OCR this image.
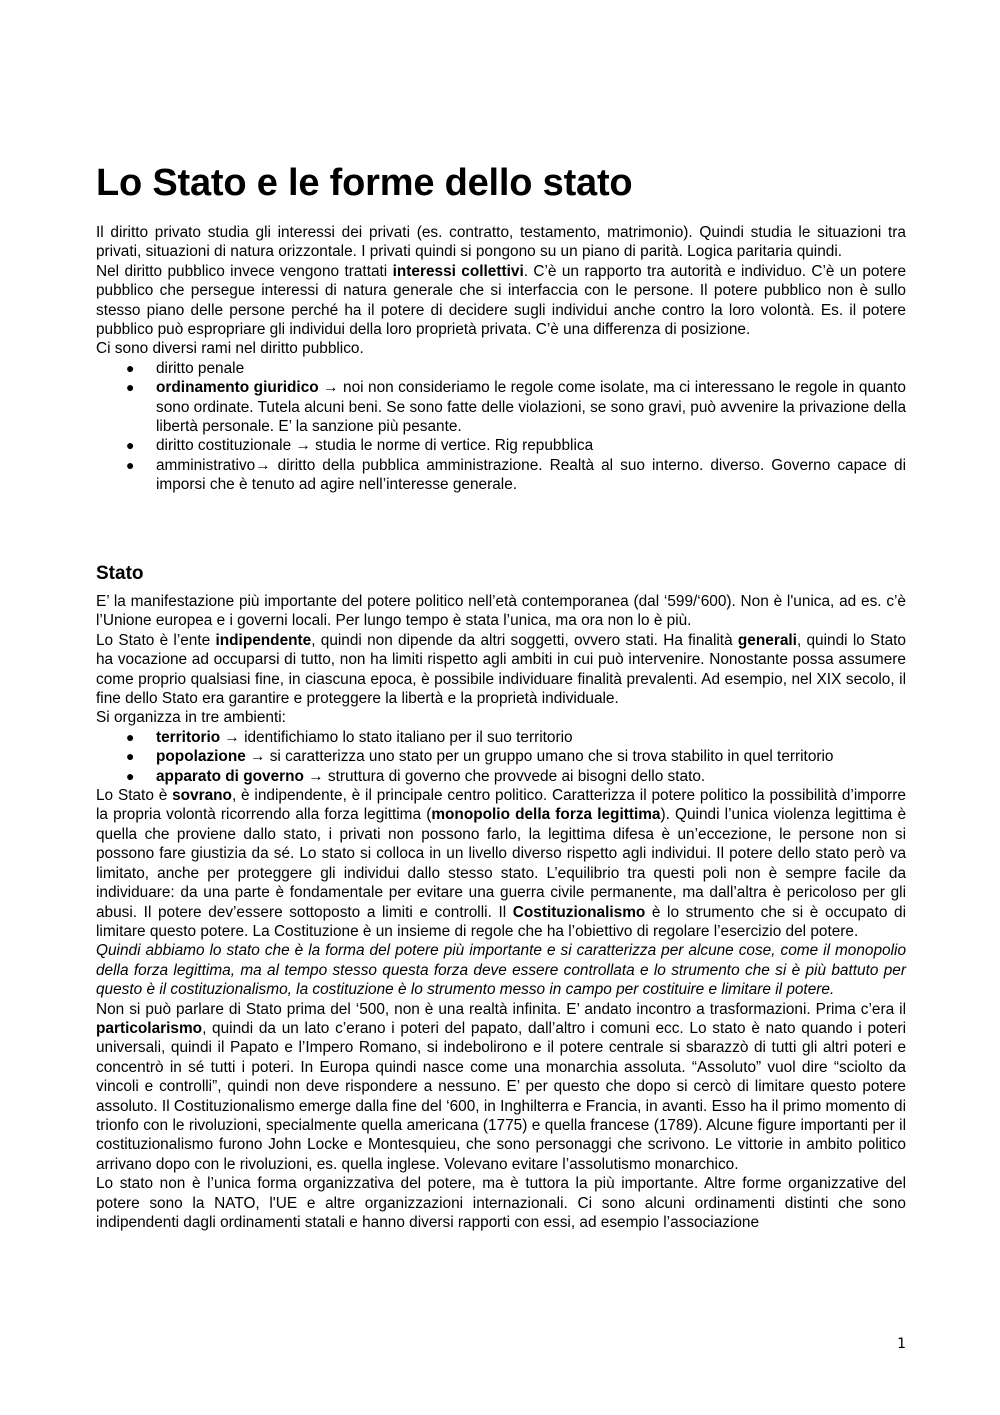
Lo Stato e le forme dello stato

Il diritto privato studia gli interessi dei privati (es. contratto, testamento, matrimonio). Quindi studia le situazioni tra privati, situazioni di natura orizzontale. I privati quindi si pongono su un piano di parità. Logica paritaria quindi.

Nel diritto pubblico invece vengono trattati interessi collettivi. C’è un rapporto tra autorità e individuo. C’è un potere pubblico che persegue interessi di natura generale che si interfaccia con le persone. Il potere pubblico non è sullo stesso piano delle persone perché ha il potere di decidere sugli individui anche contro la loro volontà. Es. il potere pubblico può espropriare gli individui della loro proprietà privata. C’è una differenza di posizione.

Ci sono diversi rami nel diritto pubblico.

● diritto penale
● ordinamento giuridico → noi non consideriamo le regole come isolate, ma ci interessano le regole in quanto sono ordinate. Tutela alcuni beni. Se sono fatte delle violazioni, se sono gravi, può avvenire la privazione della libertà personale. E’ la sanzione più pesante.
● diritto costituzionale → studia le norme di vertice. Rig repubblica
● amministrativo→ diritto della pubblica amministrazione. Realtà al suo interno. diverso. Governo capace di imporsi che è tenuto ad agire nell’interesse generale.
Stato

E’ la manifestazione più importante del potere politico nell’età contemporanea (dal ‘599/‘600). Non è l'unica, ad es. c’è l’Unione europea e i governi locali. Per lungo tempo è stata l’unica, ma ora non lo è più.

Lo Stato è l’ente indipendente, quindi non dipende da altri soggetti, ovvero stati. Ha finalità generali, quindi lo Stato ha vocazione ad occuparsi di tutto, non ha limiti rispetto agli ambiti in cui può intervenire. Nonostante possa assumere come proprio qualsiasi fine, in ciascuna epoca, è possibile individuare finalità prevalenti. Ad esempio, nel XIX secolo, il fine dello Stato era garantire e proteggere la libertà e la proprietà individuale.

Si organizza in tre ambienti:

● territorio → identifichiamo lo stato italiano per il suo territorio
● popolazione → si caratterizza uno stato per un gruppo umano che si trova stabilito in quel territorio
● apparato di governo → struttura di governo che provvede ai bisogni dello stato.

Lo Stato è sovrano, è indipendente, è il principale centro politico. Caratterizza il potere politico la possibilità d’imporre la propria volontà ricorrendo alla forza legittima (monopolio della forza legittima). Quindi l’unica violenza legittima è quella che proviene dallo stato, i privati non possono farlo, la legittima difesa è un’eccezione, le persone non si possono fare giustizia da sé. Lo stato si colloca in un livello diverso rispetto agli individui. Il potere dello stato però va limitato, anche per proteggere gli individui dallo stesso stato. L’equilibrio tra questi poli non è sempre facile da individuare: da una parte è fondamentale per evitare una guerra civile permanente, ma dall’altra è pericoloso per gli abusi. Il potere dev’essere sottoposto a limiti e controlli. Il Costituzionalismo è lo strumento che si è occupato di limitare questo potere. La Costituzione è un insieme di regole che ha l’obiettivo di regolare l’esercizio del potere.

Quindi abbiamo lo stato che è la forma del potere più importante e si caratterizza per alcune cose, come il monopolio della forza legittima, ma al tempo stesso questa forza deve essere controllata e lo strumento che si è più battuto per questo è il costituzionalismo, la costituzione è lo strumento messo in campo per costituire e limitare il potere.

Non si può parlare di Stato prima del ‘500, non è una realtà infinita. E’ andato incontro a trasformazioni. Prima c’era il particolarismo, quindi da un lato c’erano i poteri del papato, dall’altro i comuni ecc. Lo stato è nato quando i poteri universali, quindi il Papato e l’Impero Romano, si indebolirono e il potere centrale si sbarazzò di tutti gli altri poteri e concentrò in sé tutti i poteri. In Europa quindi nasce come una monarchia assoluta. “Assoluto” vuol dire “sciolto da vincoli e controlli”, quindi non deve rispondere a nessuno. E’ per questo che dopo si cercò di limitare questo potere assoluto. Il Costituzionalismo emerge dalla fine del ‘600, in Inghilterra e Francia, in avanti. Esso ha il primo momento di trionfo con le rivoluzioni, specialmente quella americana (1775) e quella francese (1789). Alcune figure importanti per il costituzionalismo furono John Locke e Montesquieu, che sono personaggi che scrivono. Le vittorie in ambito politico arrivano dopo con le rivoluzioni, es. quella inglese. Volevano evitare l’assolutismo monarchico.

Lo stato non è l’unica forma organizzativa del potere, ma è tuttora la più importante. Altre forme organizzative del potere sono la NATO, l'UE e altre organizzazioni internazionali. Ci sono alcuni ordinamenti distinti che sono indipendenti dagli ordinamenti statali e hanno diversi rapporti con essi, ad esempio l’associazione

1
